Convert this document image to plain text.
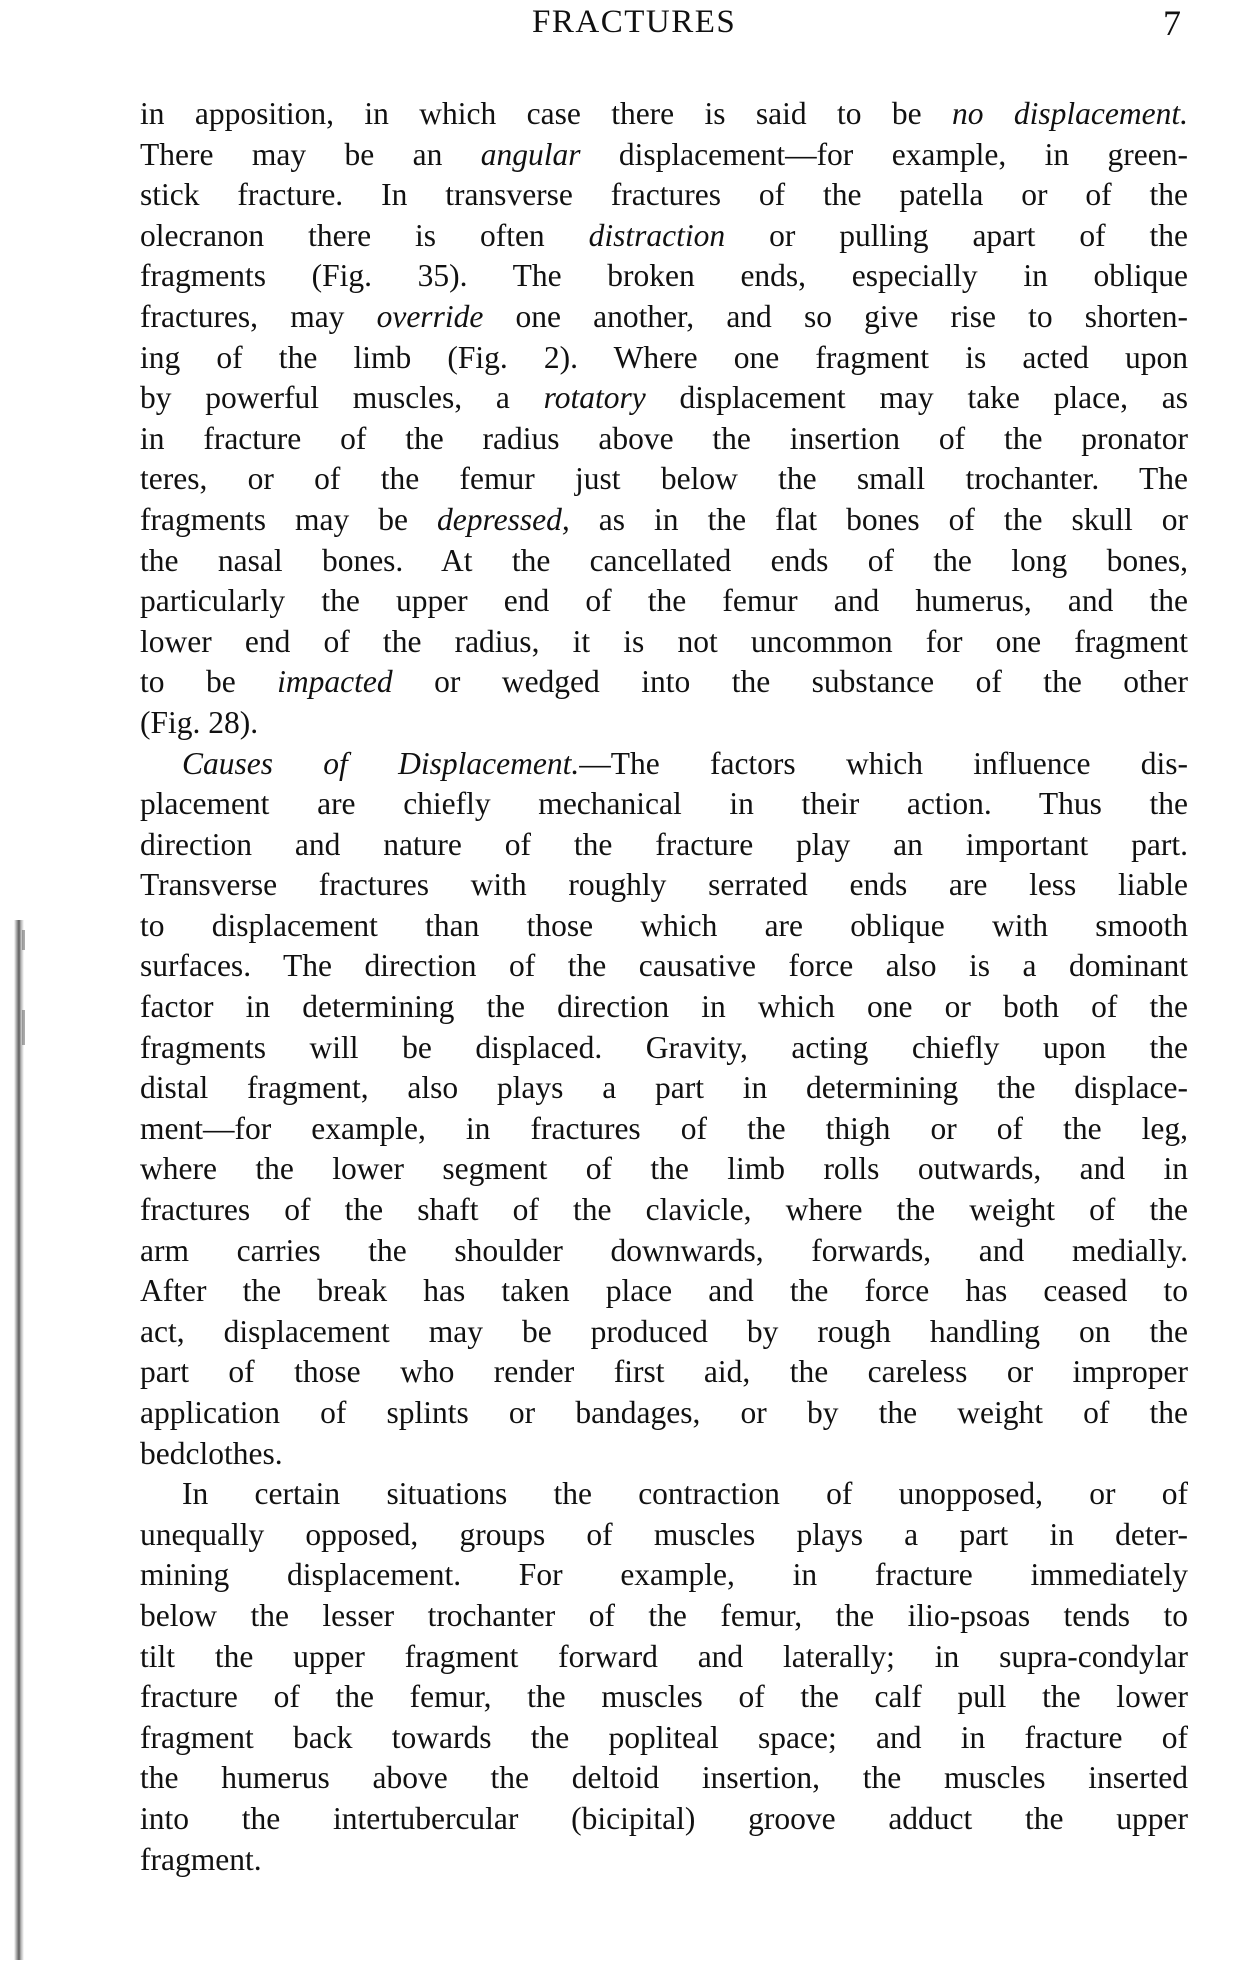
FRACTURES	7
in apposition, in which case there is said to be no displacement.
There may be an angular displacement—for example, in green-
stick fracture. In transverse fractures of the patella or of the
olecranon there is often distraction or pulling apart of the
fragments (Fig. 35). The broken ends, especially in oblique
fractures, may override one another, and so give rise to shorten-
ing of the limb (Fig. 2). Where one fragment is acted upon
by powerful muscles, a rotatory displacement may take place, as
in fracture of the radius above the insertion of the pronator
teres, or of the femur just below the small trochanter. The
fragments may be depressed, as in the flat bones of the skull or
the nasal bones. At the cancellated ends of the long bones,
particularly the upper end of the femur and humerus, and the
lower end of the radius, it is not uncommon for one fragment
to be impacted or wedged into the substance of the other
(Fig. 28).
Causes of Displacement.—The factors which influence dis-
placement are chiefly mechanical in their action. Thus the
direction and nature of the fracture play an important part.
Transverse fractures with roughly serrated ends are less liable
to displacement than those which are oblique with smooth
surfaces. The direction of the causative force also is a dominant
factor in determining the direction in which one or both of the
fragments will be displaced. Gravity, acting chiefly upon the
distal fragment, also plays a part in determining the displace-
ment—for example, in fractures of the thigh or of the leg,
where the lower segment of the limb rolls outwards, and in
fractures of the shaft of the clavicle, where the weight of the
arm carries the shoulder downwards, forwards, and medially.
After the break has taken place and the force has ceased to
act, displacement may be produced by rough handling on the
part of those who render first aid, the careless or improper
application of splints or bandages, or by the weight of the
bedclothes.
In certain situations the contraction of unopposed, or of
unequally opposed, groups of muscles plays a part in deter-
mining displacement. For example, in fracture immediately
below the lesser trochanter of the femur, the ilio-psoas tends to
tilt the upper fragment forward and laterally; in supra-condylar
fracture of the femur, the muscles of the calf pull the lower
fragment back towards the popliteal space; and in fracture of
the humerus above the deltoid insertion, the muscles inserted
into the intertubercular (bicipital) groove adduct the upper
fragment.
